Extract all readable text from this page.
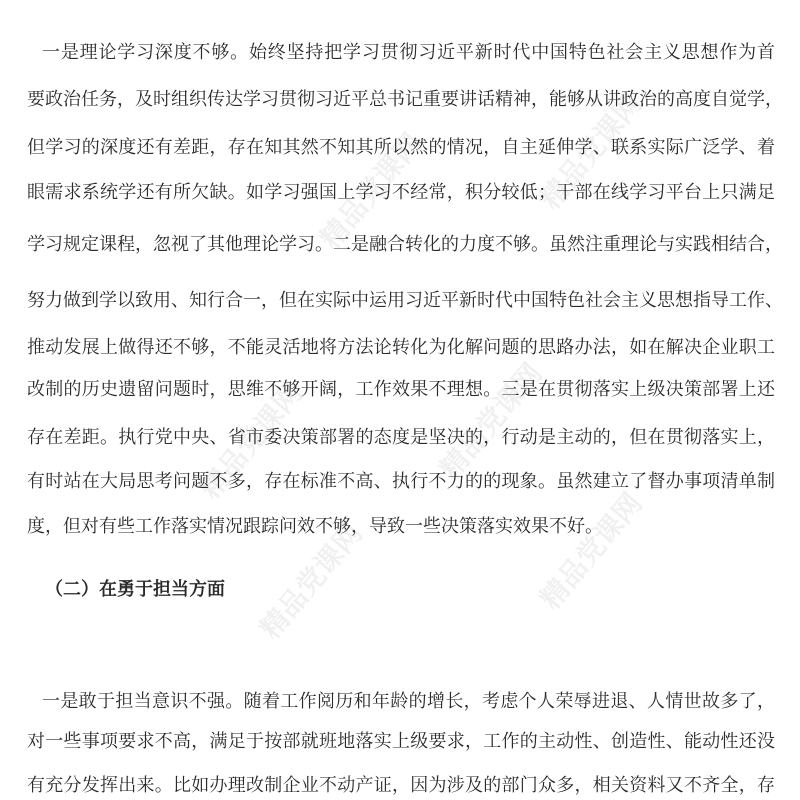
精品党课网	精品党课网
精品党课网	精品党课网
精品党课网	精品党课网
一是理论学习深度不够。始终坚持把学习贯彻习近平新时代中国特色社会主义思想作为首
要政治任务，及时组织传达学习贯彻习近平总书记重要讲话精神，能够从讲政治的高度自觉学，
但学习的深度还有差距，存在知其然不知其所以然的情况，自主延伸学、联系实际广泛学、着
眼需求系统学还有所欠缺。如学习强国上学习不经常，积分较低；干部在线学习平台上只满足
学习规定课程，忽视了其他理论学习。二是融合转化的力度不够。虽然注重理论与实践相结合，
努力做到学以致用、知行合一，但在实际中运用习近平新时代中国特色社会主义思想指导工作、
推动发展上做得还不够，不能灵活地将方法论转化为化解问题的思路办法，如在解决企业职工
改制的历史遗留问题时，思维不够开阔，工作效果不理想。三是在贯彻落实上级决策部署上还
存在差距。执行党中央、省市委决策部署的态度是坚决的，行动是主动的，但在贯彻落实上，
有时站在大局思考问题不多，存在标准不高、执行不力的的现象。虽然建立了督办事项清单制
度，但对有些工作落实情况跟踪问效不够，导致一些决策落实效果不好。
（二）在勇于担当方面
一是敢于担当意识不强。随着工作阅历和年龄的增长，考虑个人荣辱进退、人情世故多了，
对一些事项要求不高，满足于按部就班地落实上级要求，工作的主动性、创造性、能动性还没
有充分发挥出来。比如办理改制企业不动产证，因为涉及的部门众多，相关资料又不齐全，存
